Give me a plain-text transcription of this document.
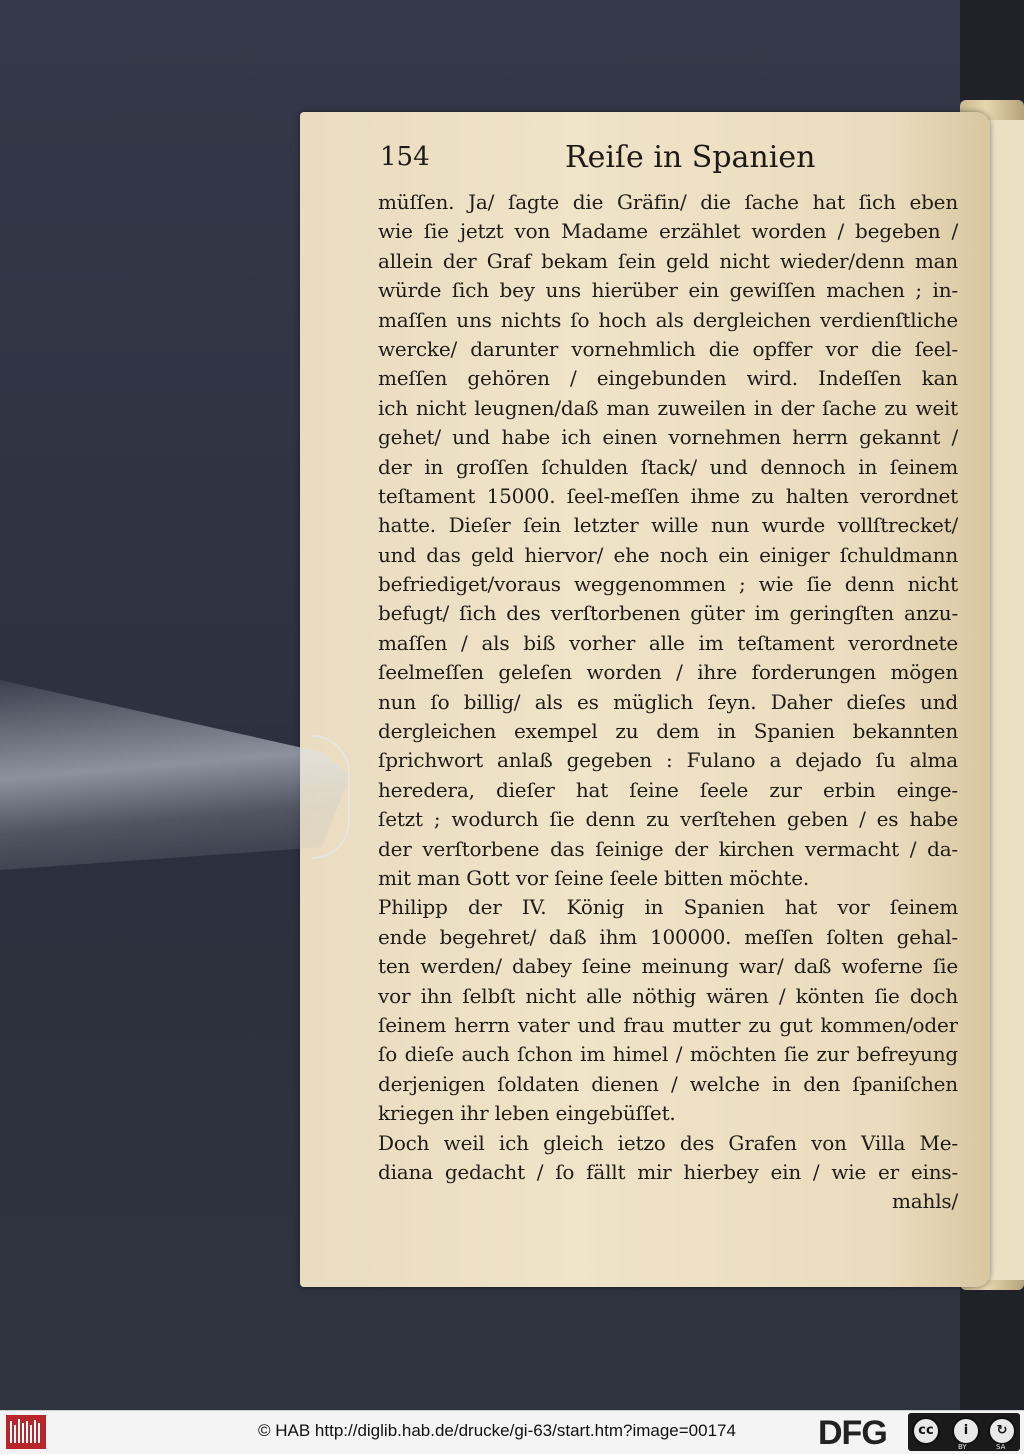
154	Reiſe in Spanien
müſſen. Ja/ ſagte die Gräfin/ die ſache hat ſich eben
wie ſie jetzt von Madame erzählet worden / begeben /
allein der Graf bekam ſein geld nicht wieder/denn man
würde ſich bey uns hierüber ein gewiſſen machen ; in-
maſſen uns nichts ſo hoch als dergleichen verdienſtliche
wercke/ darunter vornehmlich die opffer vor die ſeel-
meſſen gehören / eingebunden wird. Indeſſen kan
ich nicht leugnen/daß man zuweilen in der ſache zu weit
gehet/ und habe ich einen vornehmen herrn gekannt /
der in groſſen ſchulden ſtack/ und dennoch in ſeinem
teſtament 15000. ſeel-meſſen ihme zu halten verordnet
hatte. Dieſer ſein letzter wille nun wurde vollſtrecket/
und das geld hiervor/ ehe noch ein einiger ſchuldmann
befriediget/voraus weggenommen ; wie ſie denn nicht
befugt/ ſich des verſtorbenen güter im geringſten anzu-
maſſen / als biß vorher alle im teſtament verordnete
ſeelmeſſen geleſen worden / ihre forderungen mögen
nun ſo billig/ als es müglich ſeyn. Daher dieſes und
dergleichen exempel zu dem in Spanien bekannten
ſprichwort anlaß gegeben : Fulano a dejado ſu alma
heredera, dieſer hat ſeine ſeele zur erbin einge-
ſetzt ; wodurch ſie denn zu verſtehen geben / es habe
der verſtorbene das ſeinige der kirchen vermacht / da-
mit man Gott vor ſeine ſeele bitten möchte.
Philipp der IV. König in Spanien hat vor ſeinem
ende begehret/ daß ihm 100000. meſſen ſolten gehal-
ten werden/ dabey ſeine meinung war/ daß woferne ſie
vor ihn ſelbſt nicht alle nöthig wären / könten ſie doch
ſeinem herrn vater und frau mutter zu gut kommen/oder
ſo dieſe auch ſchon im himel / möchten ſie zur befreyung
derjenigen ſoldaten dienen / welche in den ſpaniſchen
kriegen ihr leben eingebüſſet.
Doch weil ich gleich ietzo des Grafen von Villa Me-
diana gedacht / ſo fällt mir hierbey ein / wie er eins-
mahls/
© HAB http://diglib.hab.de/drucke/gi-63/start.htm?image=00174 DFG	cc	i
BY
↻
SA
